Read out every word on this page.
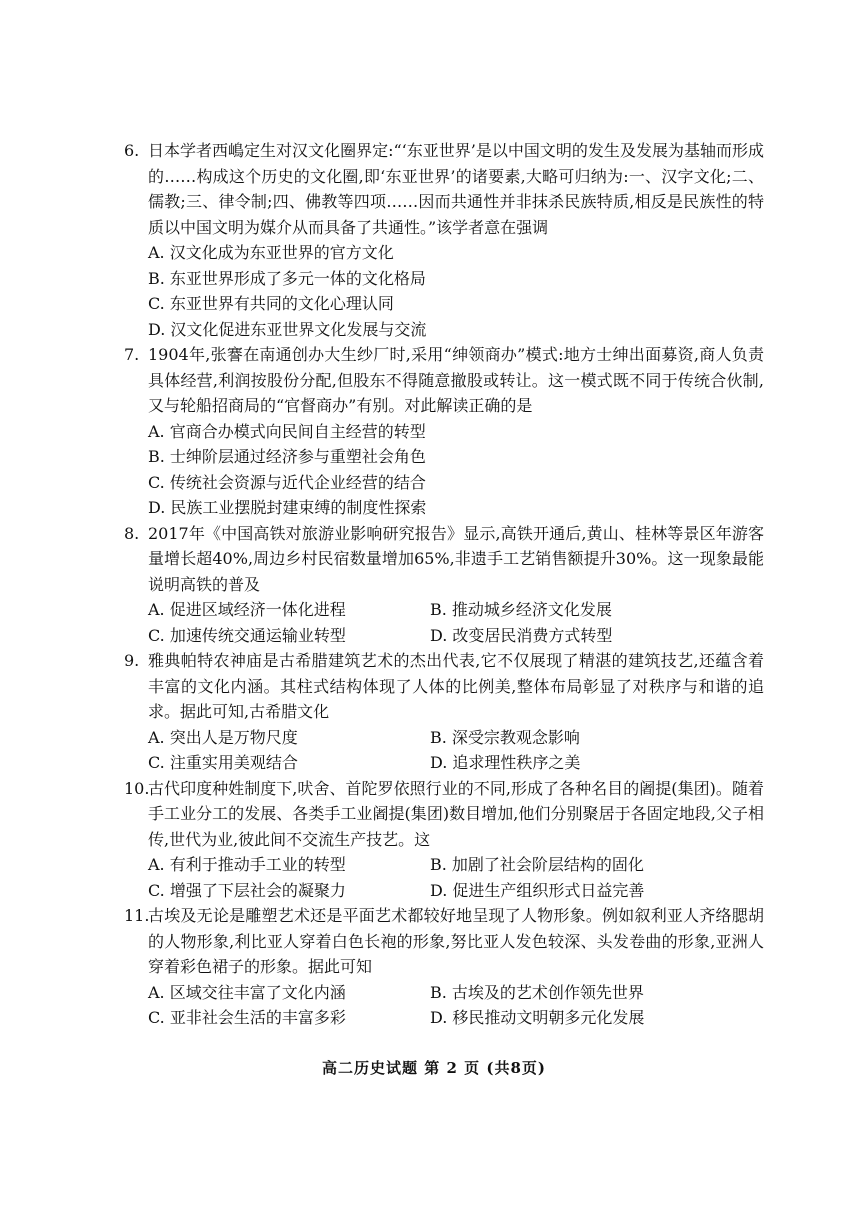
6. 日本学者西嶋定生对汉文化圈界定:“‘东亚世界’是以中国文明的发生及发展为基轴而形成的……构成这个历史的文化圈,即‘东亚世界’的诸要素,大略可归纳为:一、汉字文化;二、儒教;三、律令制;四、佛教等四项……因而共通性并非抹杀民族特质,相反是民族性的特质以中国文明为媒介从而具备了共通性。”该学者意在强调
A. 汉文化成为东亚世界的官方文化
B. 东亚世界形成了多元一体的文化格局
C. 东亚世界有共同的文化心理认同
D. 汉文化促进东亚世界文化发展与交流
7. 1904年,张謇在南通创办大生纱厂时,采用“绅领商办”模式:地方士绅出面募资,商人负责具体经营,利润按股份分配,但股东不得随意撤股或转让。这一模式既不同于传统合伙制,又与轮船招商局的“官督商办”有别。对此解读正确的是
A. 官商合办模式向民间自主经营的转型
B. 士绅阶层通过经济参与重塑社会角色
C. 传统社会资源与近代企业经营的结合
D. 民族工业摆脱封建束缚的制度性探索
8. 2017年《中国高铁对旅游业影响研究报告》显示,高铁开通后,黄山、桂林等景区年游客量增长超40%,周边乡村民宿数量增加65%,非遗手工艺销售额提升30%。这一现象最能说明高铁的普及
A. 促进区域经济一体化进程	B. 推动城乡经济文化发展
C. 加速传统交通运输业转型	D. 改变居民消费方式转型
9. 雅典帕特农神庙是古希腊建筑艺术的杰出代表,它不仅展现了精湛的建筑技艺,还蕴含着丰富的文化内涵。其柱式结构体现了人体的比例美,整体布局彰显了对秩序与和谐的追求。据此可知,古希腊文化
A. 突出人是万物尺度	B. 深受宗教观念影响
C. 注重实用美观结合	D. 追求理性秩序之美
10.
古代印度种姓制度下,吠舍、首陀罗依照行业的不同,形成了各种名目的阇提(集团)。随着手工业分工的发展、各类手工业阇提(集团)数目增加,他们分别聚居于各固定地段,父子相传,世代为业,彼此间不交流生产技艺。这
A. 有利于推动手工业的转型	B. 加剧了社会阶层结构的固化
C. 增强了下层社会的凝聚力	D. 促进生产组织形式日益完善
11.
古埃及无论是雕塑艺术还是平面艺术都较好地呈现了人物形象。例如叙利亚人齐络腮胡的人物形象,利比亚人穿着白色长袍的形象,努比亚人发色较深、头发卷曲的形象,亚洲人穿着彩色裙子的形象。据此可知
A. 区域交往丰富了文化内涵	B. 古埃及的艺术创作领先世界
C. 亚非社会生活的丰富多彩	D. 移民推动文明朝多元化发展
高二历史试题 第 2 页 (共8页)
